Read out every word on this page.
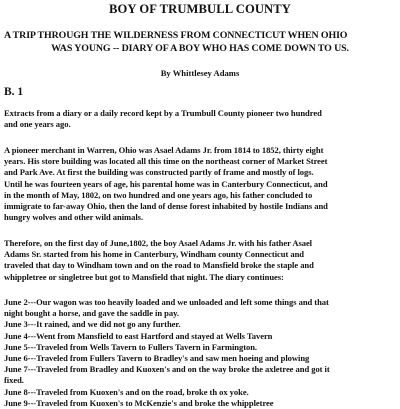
BOY OF TRUMBULL COUNTY
A TRIP THROUGH THE WILDERNESS FROM CONNECTICUT WHEN OHIO
WAS YOUNG -- DIARY OF A BOY WHO HAS COME DOWN TO US.
By Whittlesey Adams
B. 1
Extracts from a diary or a daily record kept by a Trumbull County pioneer two hundred
and one years ago.
A pioneer merchant in Warren, Ohio was Asael Adams Jr. from 1814 to 1852, thirty eight
years. His store building was located all this time on the northeast corner of Market Street
and Park Ave. At first the building was constructed partly of frame and mostly of logs.
Until he was fourteen years of age, his parental home was in Canterbury Connecticut, and
in the month of May, 1802, on two hundred and one years ago, his father concluded to
immigrate to far-away Ohio, then the land of dense forest inhabited by hostile Indians and
hungry wolves and other wild animals.
Therefore, on the first day of June,1802, the boy Asael Adams Jr. with his father Asael
Adams Sr. started from his home in Canterbury, Windham county Connecticut and
traveled that day to Windham town and on the road to Mansfield broke the staple and
whippletree or singletree but got to Mansfield that night. The diary continues:
June 2---Our wagon was too heavily loaded and we unloaded and left some things and that
night bought a horse, and gave the saddle in pay.
June 3---It rained, and we did not go any further.
June 4---Went from Mansfield to east Hartford and stayed at Wells Tavern
June 5---Traveled from Wells Tavern to Fullers Tavern in Farmington.
June 6---Traveled from Fullers Tavern to Bradley's and saw men hoeing and plowing
June 7---Traveled from Bradley and Kuoxen's and on the way broke the axletree and got it
fixed.
June 8---Traveled from Kuoxen's and on the road, broke th ox yoke.
June 9---Traveled from Kuoxen's to McKenzie's and broke the whippletree
